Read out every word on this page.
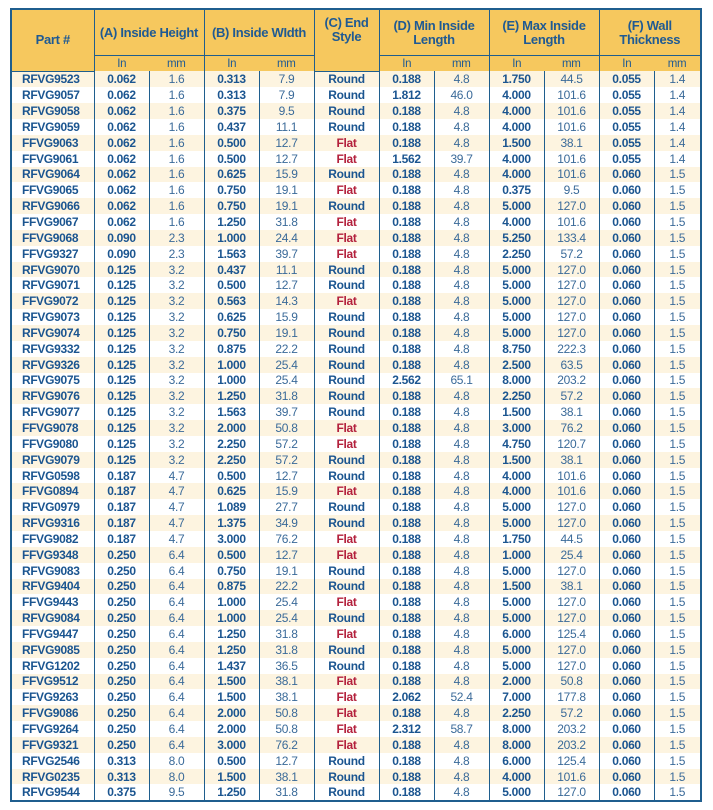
Part #	(A) Inside Height		(B) Inside WIdth		(C) End Style	(D) Min Inside Length		(E) Max Inside Length		(F) Wall Thickness	
	In	mm	In	mm		In	mm	In	mm	In	mm
RFVG9523	0.062	1.6	0.313	7.9	Round	0.188	4.8	1.750	44.5	0.055	1.4
RFVG9057	0.062	1.6	0.313	7.9	Round	1.812	46.0	4.000	101.6	0.055	1.4
RFVG9058	0.062	1.6	0.375	9.5	Round	0.188	4.8	4.000	101.6	0.055	1.4
RFVG9059	0.062	1.6	0.437	11.1	Round	0.188	4.8	4.000	101.6	0.055	1.4
FFVG9063	0.062	1.6	0.500	12.7	Flat	0.188	4.8	1.500	38.1	0.055	1.4
FFVG9061	0.062	1.6	0.500	12.7	Flat	1.562	39.7	4.000	101.6	0.055	1.4
RFVG9064	0.062	1.6	0.625	15.9	Round	0.188	4.8	4.000	101.6	0.060	1.5
FFVG9065	0.062	1.6	0.750	19.1	Flat	0.188	4.8	0.375	9.5	0.060	1.5
RFVG9066	0.062	1.6	0.750	19.1	Round	0.188	4.8	5.000	127.0	0.060	1.5
FFVG9067	0.062	1.6	1.250	31.8	Flat	0.188	4.8	4.000	101.6	0.060	1.5
FFVG9068	0.090	2.3	1.000	24.4	Flat	0.188	4.8	5.250	133.4	0.060	1.5
FFVG9327	0.090	2.3	1.563	39.7	Flat	0.188	4.8	2.250	57.2	0.060	1.5
RFVG9070	0.125	3.2	0.437	11.1	Round	0.188	4.8	5.000	127.0	0.060	1.5
RFVG9071	0.125	3.2	0.500	12.7	Round	0.188	4.8	5.000	127.0	0.060	1.5
FFVG9072	0.125	3.2	0.563	14.3	Flat	0.188	4.8	5.000	127.0	0.060	1.5
RFVG9073	0.125	3.2	0.625	15.9	Round	0.188	4.8	5.000	127.0	0.060	1.5
RFVG9074	0.125	3.2	0.750	19.1	Round	0.188	4.8	5.000	127.0	0.060	1.5
RFVG9332	0.125	3.2	0.875	22.2	Round	0.188	4.8	8.750	222.3	0.060	1.5
RFVG9326	0.125	3.2	1.000	25.4	Round	0.188	4.8	2.500	63.5	0.060	1.5
RFVG9075	0.125	3.2	1.000	25.4	Round	2.562	65.1	8.000	203.2	0.060	1.5
RFVG9076	0.125	3.2	1.250	31.8	Round	0.188	4.8	2.250	57.2	0.060	1.5
RFVG9077	0.125	3.2	1.563	39.7	Round	0.188	4.8	1.500	38.1	0.060	1.5
FFVG9078	0.125	3.2	2.000	50.8	Flat	0.188	4.8	3.000	76.2	0.060	1.5
FFVG9080	0.125	3.2	2.250	57.2	Flat	0.188	4.8	4.750	120.7	0.060	1.5
RFVG9079	0.125	3.2	2.250	57.2	Round	0.188	4.8	1.500	38.1	0.060	1.5
RFVG0598	0.187	4.7	0.500	12.7	Round	0.188	4.8	4.000	101.6	0.060	1.5
FFVG0894	0.187	4.7	0.625	15.9	Flat	0.188	4.8	4.000	101.6	0.060	1.5
RFVG0979	0.187	4.7	1.089	27.7	Round	0.188	4.8	5.000	127.0	0.060	1.5
RFVG9316	0.187	4.7	1.375	34.9	Round	0.188	4.8	5.000	127.0	0.060	1.5
FFVG9082	0.187	4.7	3.000	76.2	Flat	0.188	4.8	1.750	44.5	0.060	1.5
FFVG9348	0.250	6.4	0.500	12.7	Flat	0.188	4.8	1.000	25.4	0.060	1.5
RFVG9083	0.250	6.4	0.750	19.1	Round	0.188	4.8	5.000	127.0	0.060	1.5
RFVG9404	0.250	6.4	0.875	22.2	Round	0.188	4.8	1.500	38.1	0.060	1.5
FFVG9443	0.250	6.4	1.000	25.4	Flat	0.188	4.8	5.000	127.0	0.060	1.5
RFVG9084	0.250	6.4	1.000	25.4	Round	0.188	4.8	5.000	127.0	0.060	1.5
FFVG9447	0.250	6.4	1.250	31.8	Flat	0.188	4.8	6.000	125.4	0.060	1.5
RFVG9085	0.250	6.4	1.250	31.8	Round	0.188	4.8	5.000	127.0	0.060	1.5
RFVG1202	0.250	6.4	1.437	36.5	Round	0.188	4.8	5.000	127.0	0.060	1.5
FFVG9512	0.250	6.4	1.500	38.1	Flat	0.188	4.8	2.000	50.8	0.060	1.5
FFVG9263	0.250	6.4	1.500	38.1	Flat	2.062	52.4	7.000	177.8	0.060	1.5
FFVG9086	0.250	6.4	2.000	50.8	Flat	0.188	4.8	2.250	57.2	0.060	1.5
FFVG9264	0.250	6.4	2.000	50.8	Flat	2.312	58.7	8.000	203.2	0.060	1.5
FFVG9321	0.250	6.4	3.000	76.2	Flat	0.188	4.8	8.000	203.2	0.060	1.5
RFVG2546	0.313	8.0	0.500	12.7	Round	0.188	4.8	6.000	125.4	0.060	1.5
RFVG0235	0.313	8.0	1.500	38.1	Round	0.188	4.8	4.000	101.6	0.060	1.5
RFVG9544	0.375	9.5	1.250	31.8	Round	0.188	4.8	5.000	127.0	0.060	1.5
